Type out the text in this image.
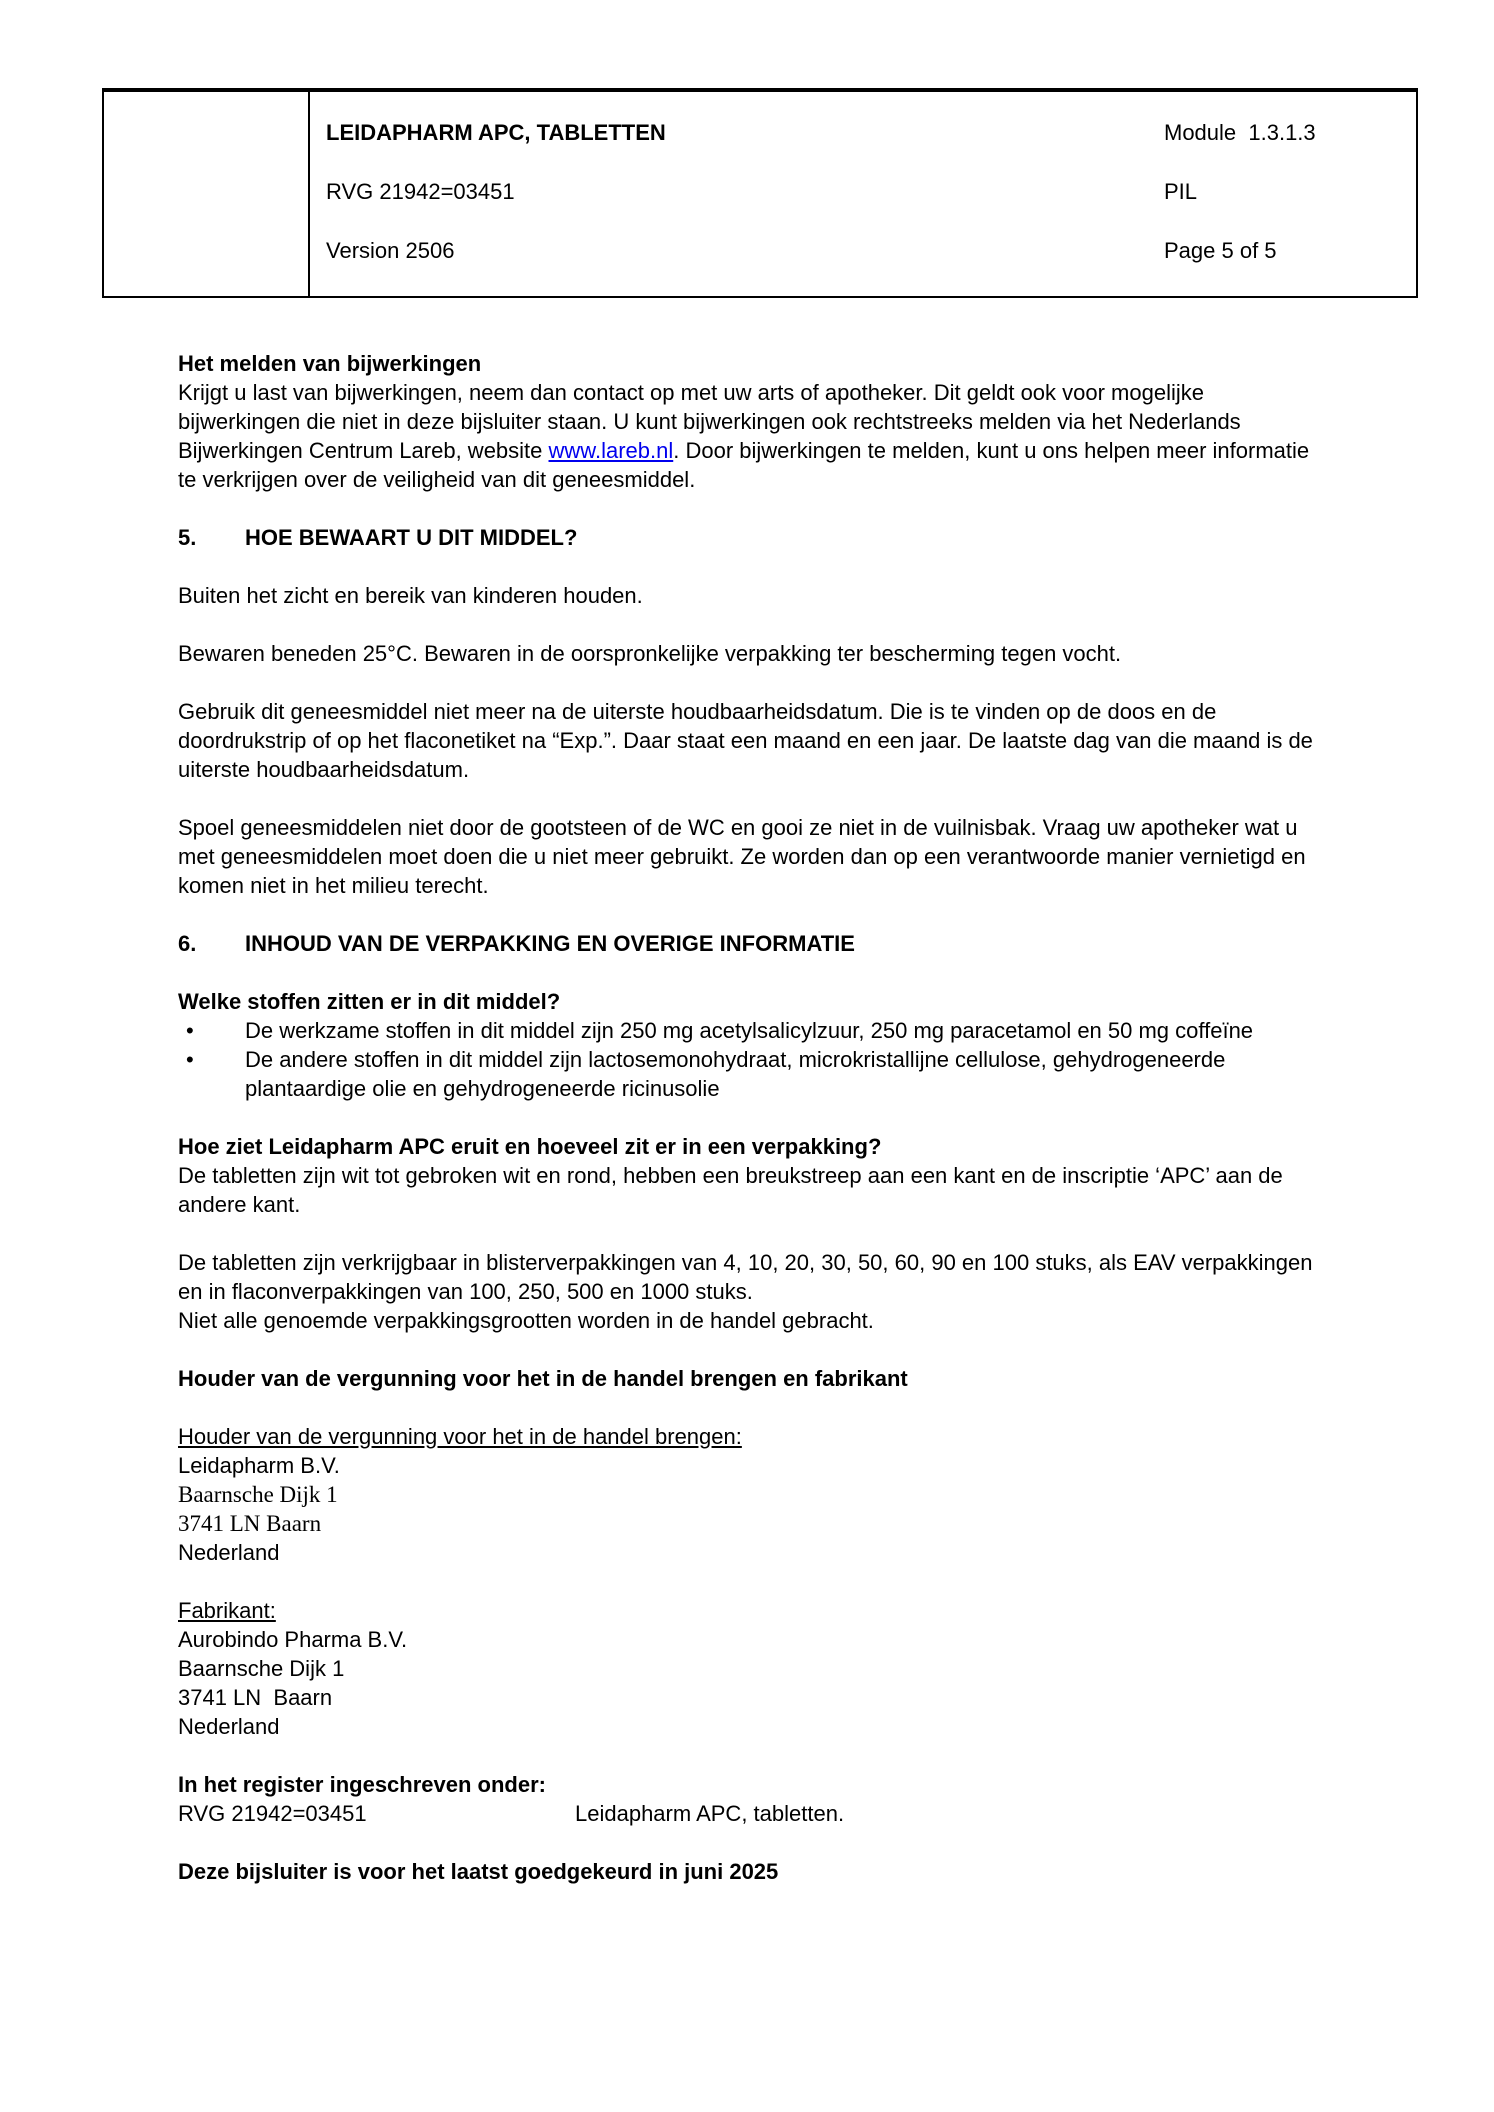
LEIDAPHARM APC, TABLETTEN	Module  1.3.1.3
RVG 21942=03451	PIL
Version 2506	Page 5 of 5
Het melden van bijwerkingen
Krijgt u last van bijwerkingen, neem dan contact op met uw arts of apotheker. Dit geldt ook voor mogelijke bijwerkingen die niet in deze bijsluiter staan. U kunt bijwerkingen ook rechtstreeks melden via het Nederlands Bijwerkingen Centrum Lareb, website www.lareb.nl. Door bijwerkingen te melden, kunt u ons helpen meer informatie te verkrijgen over de veiligheid van dit geneesmiddel.
5.	HOE BEWAART U DIT MIDDEL?
Buiten het zicht en bereik van kinderen houden.
Bewaren beneden 25°C. Bewaren in de oorspronkelijke verpakking ter bescherming tegen vocht.
Gebruik dit geneesmiddel niet meer na de uiterste houdbaarheidsdatum. Die is te vinden op de doos en de doordrukstrip of op het flaconetiket na “Exp.”. Daar staat een maand en een jaar. De laatste dag van die maand is de uiterste houdbaarheidsdatum.
Spoel geneesmiddelen niet door de gootsteen of de WC en gooi ze niet in de vuilnisbak. Vraag uw apotheker wat u met geneesmiddelen moet doen die u niet meer gebruikt. Ze worden dan op een verantwoorde manier vernietigd en komen niet in het milieu terecht.
6.	INHOUD VAN DE VERPAKKING EN OVERIGE INFORMATIE
Welke stoffen zitten er in dit middel?
•	De werkzame stoffen in dit middel zijn 250 mg acetylsalicylzuur, 250 mg paracetamol en 50 mg coffeïne
•	De andere stoffen in dit middel zijn lactosemonohydraat, microkristallijne cellulose, gehydrogeneerde plantaardige olie en gehydrogeneerde ricinusolie
Hoe ziet Leidapharm APC eruit en hoeveel zit er in een verpakking?
De tabletten zijn wit tot gebroken wit en rond, hebben een breukstreep aan een kant en de inscriptie ‘APC’ aan de andere kant.
De tabletten zijn verkrijgbaar in blisterverpakkingen van 4, 10, 20, 30, 50, 60, 90 en 100 stuks, als EAV verpakkingen en in flaconverpakkingen van 100, 250, 500 en 1000 stuks.
Niet alle genoemde verpakkingsgrootten worden in de handel gebracht.
Houder van de vergunning voor het in de handel brengen en fabrikant
Houder van de vergunning voor het in de handel brengen:
Leidapharm B.V.
Baarnsche Dijk 1
3741 LN Baarn
Nederland
Fabrikant:
Aurobindo Pharma B.V.
Baarnsche Dijk 1
3741 LN  Baarn
Nederland
In het register ingeschreven onder:
RVG 21942=03451	Leidapharm APC, tabletten.
Deze bijsluiter is voor het laatst goedgekeurd in juni 2025
